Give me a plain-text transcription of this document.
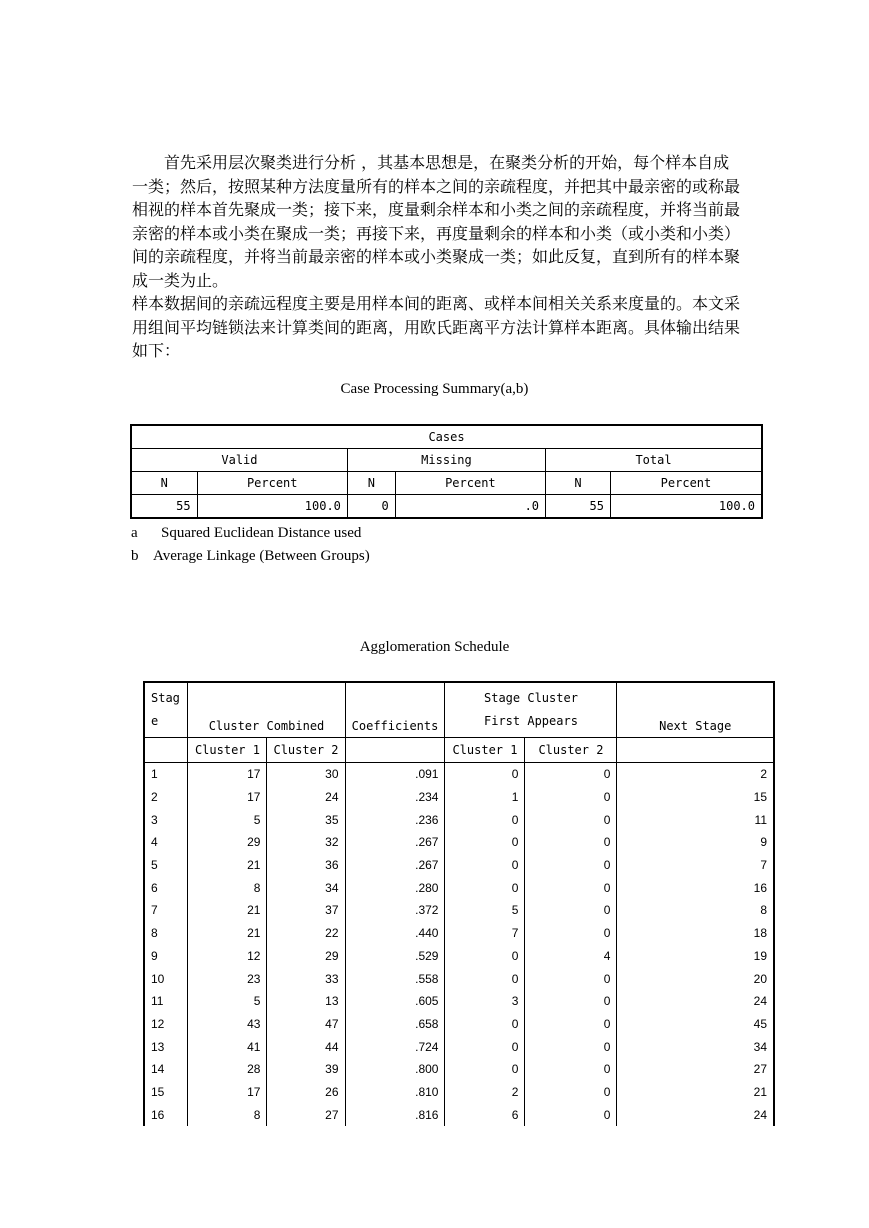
首先采用层次聚类进行分析 ，其基本思想是，在聚类分析的开始，每个样本自成一类；然后，按照某种方法度量所有的样本之间的亲疏程度，并把其中最亲密的或称最相视的样本首先聚成一类；接下来，度量剩余样本和小类之间的亲疏程度，并将当前最亲密的样本或小类在聚成一类；再接下来，再度量剩余的样本和小类（或小类和小类）间的亲疏程度，并将当前最亲密的样本或小类聚成一类；如此反复，直到所有的样本聚成一类为止。

样本数据间的亲疏远程度主要是用样本间的距离、或样本间相关关系来度量的。本文采用组间平均链锁法来计算类间的距离，用欧氏距离平方法计算样本距离。具体输出结果如下：

Case Processing Summary(a,b)
Cases					
Valid		Missing		Total	
N	Percent	N	Percent	N	Percent
55	100.0	0	.0	55	100.0
a Squared Euclidean Distance used
b Average Linkage (Between Groups)
Agglomeration Schedule
Stag
e	Cluster Combined		Coefficients	Stage Cluster First Appears		Next Stage
	Cluster 1	Cluster 2		Cluster 1	Cluster 2	
1	17	30	.091	0	0	2
2	17	24	.234	1	0	15
3	5	35	.236	0	0	11
4	29	32	.267	0	0	9
5	21	36	.267	0	0	7
6	8	34	.280	0	0	16
7	21	37	.372	5	0	8
8	21	22	.440	7	0	18
9	12	29	.529	0	4	19
10	23	33	.558	0	0	20
11	5	13	.605	3	0	24
12	43	47	.658	0	0	45
13	41	44	.724	0	0	34
14	28	39	.800	0	0	27
15	17	26	.810	2	0	21
16	8	27	.816	6	0	24
